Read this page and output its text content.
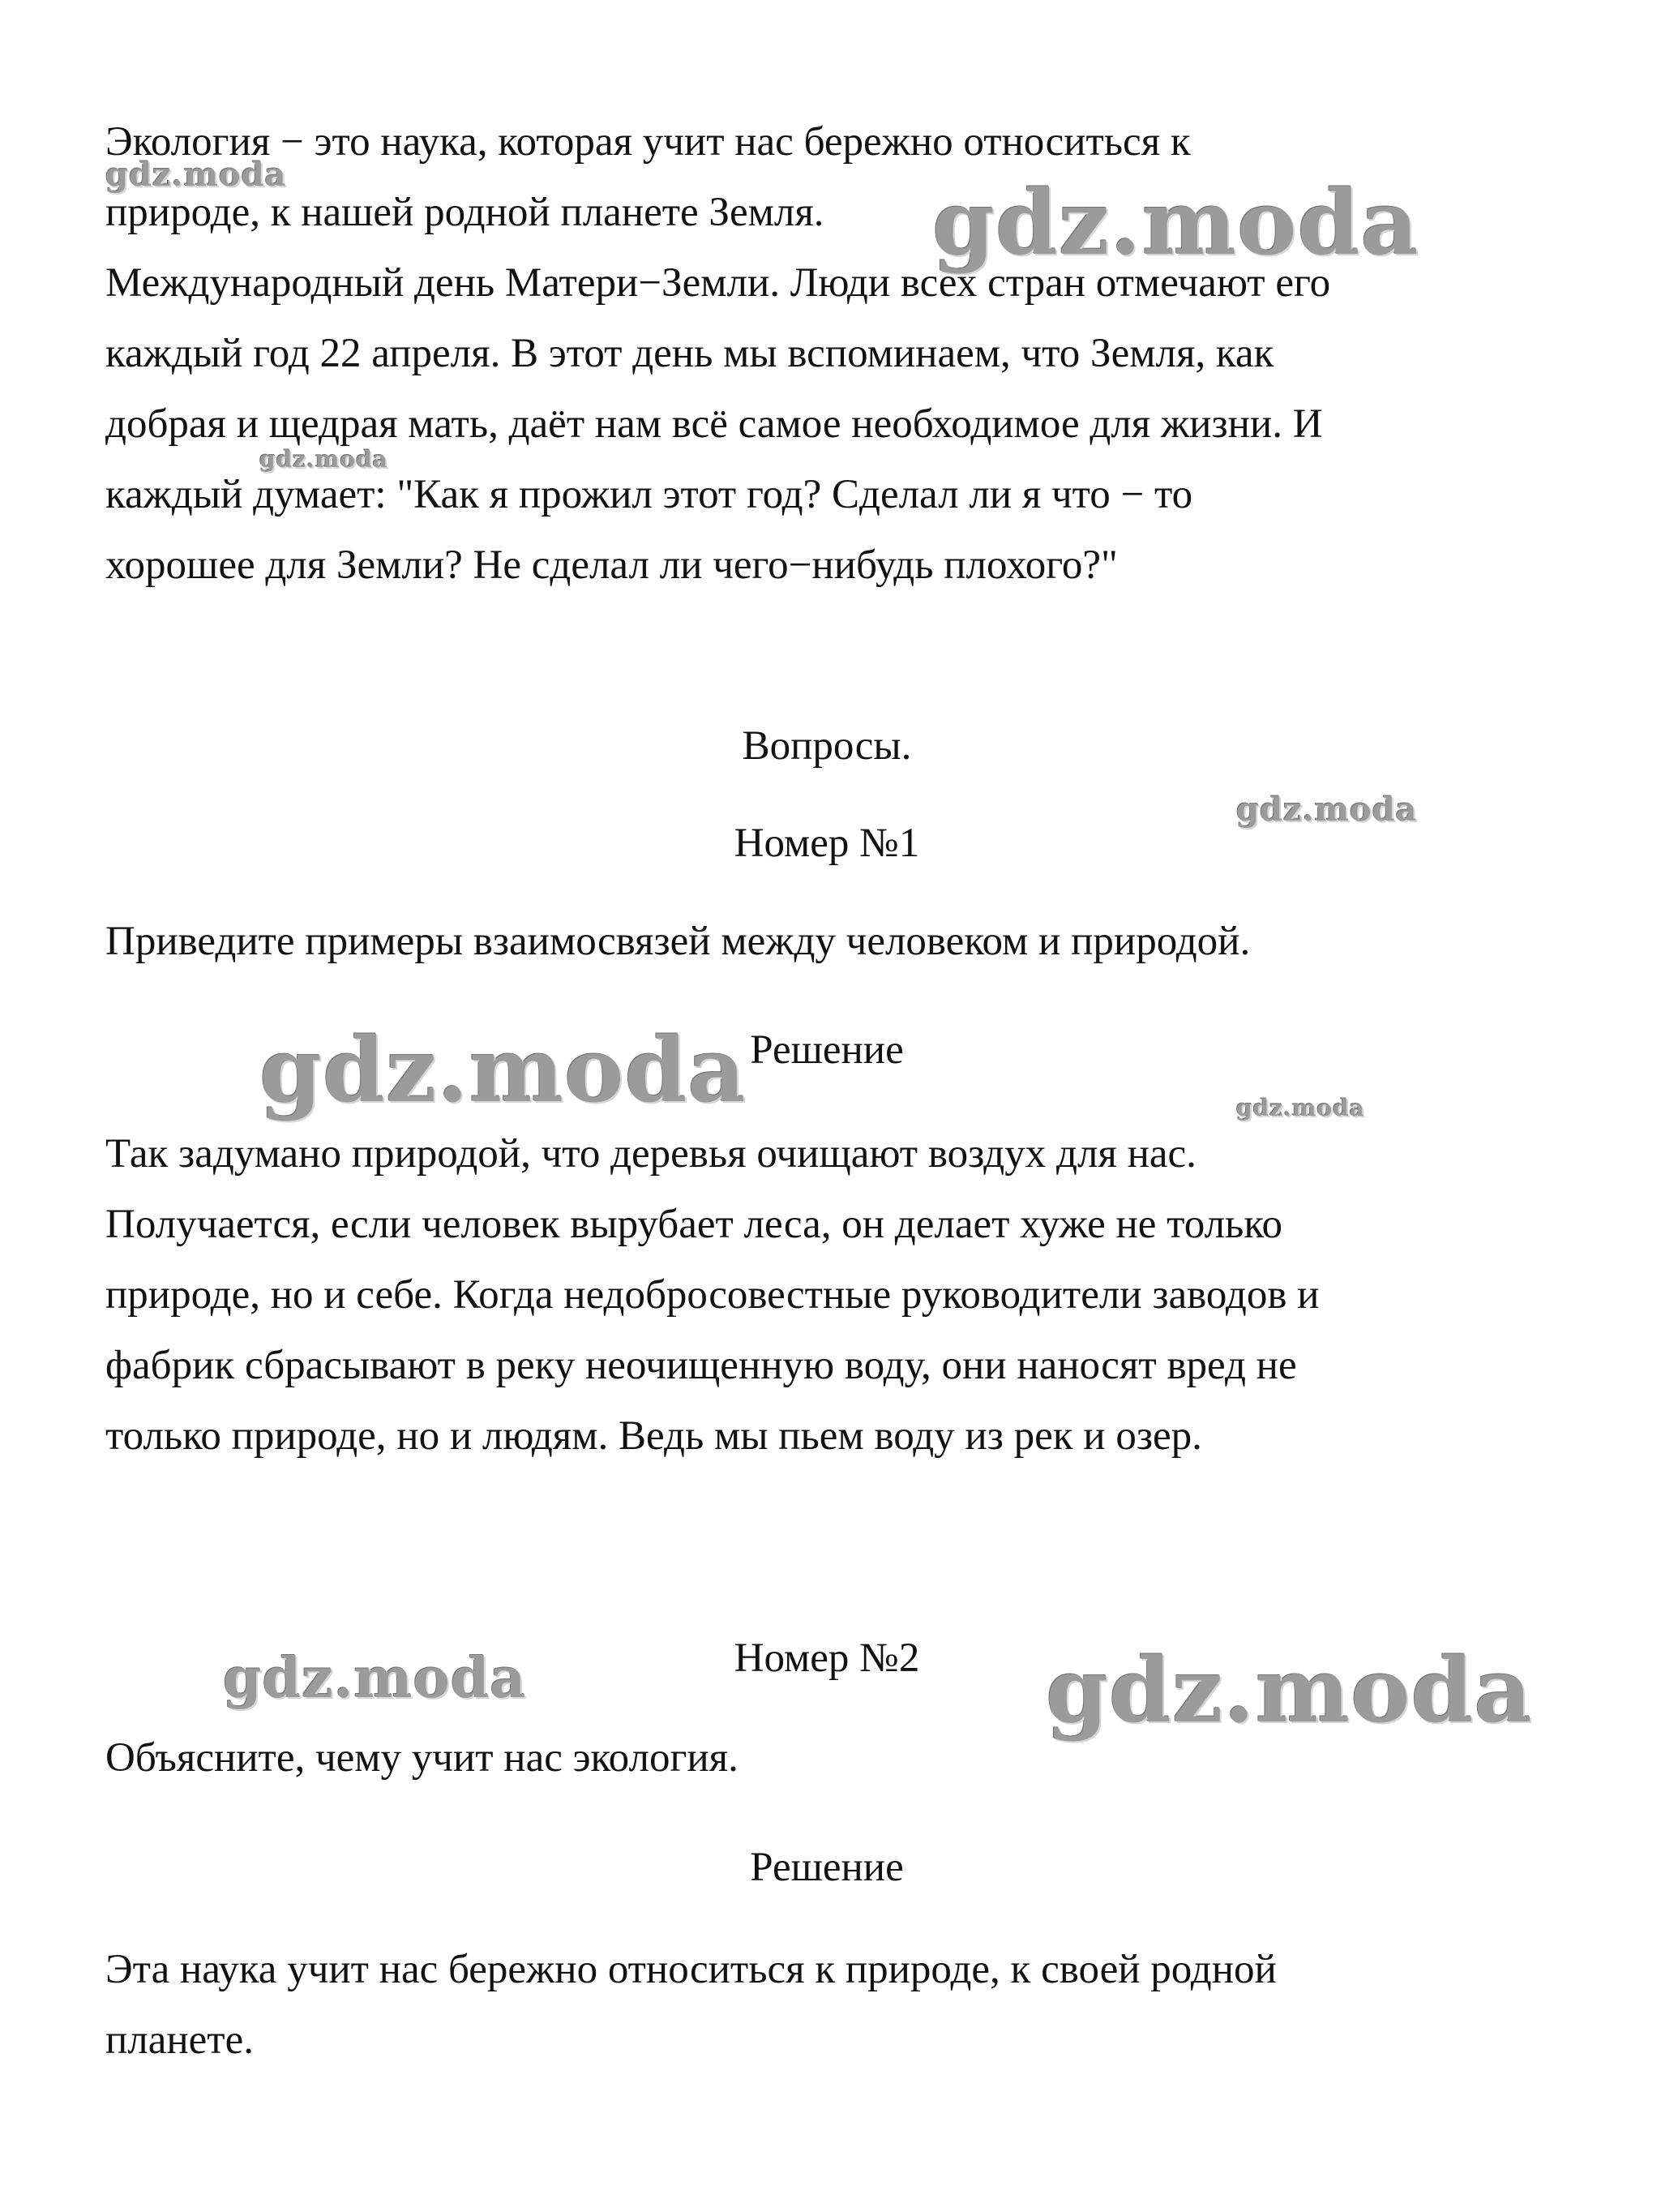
Экология − это наука, которая учит нас бережно относиться к
природе, к нашей родной планете Земля.
Международный день Матери−Земли. Люди всех стран отмечают его
каждый год 22 апреля. В этот день мы вспоминаем, что Земля, как
добрая и щедрая мать, даёт нам всё самое необходимое для жизни. И
каждый думает: "Как я прожил этот год? Сделал ли я что − то
хорошее для Земли? Не сделал ли чего−нибудь плохого?"
Вопросы.
Номер №1
Приведите примеры взаимосвязей между человеком и природой.
Решение
Так задумано природой, что деревья очищают воздух для нас.
Получается, если человек вырубает леса, он делает хуже не только
природе, но и себе. Когда недобросовестные руководители заводов и
фабрик сбрасывают в реку неочищенную воду, они наносят вред не
только природе, но и людям. Ведь мы пьем воду из рек и озер.
Номер №2
Объясните, чему учит нас экология.
Решение
Эта наука учит нас бережно относиться к природе, к своей родной
планете.
gdz.moda	gdz.moda
gdz.moda
gdz.moda
gdz.moda	gdz.moda
gdz.moda	gdz.moda
